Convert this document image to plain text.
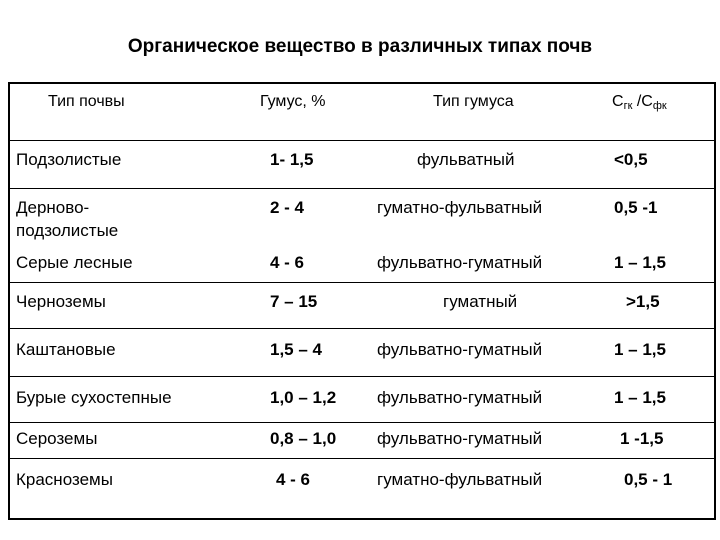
Органическое вещество в различных типах почв
Тип почвы	Гумус, %	Тип гумуса	$C_{гк}$ $/C_{фк}$
Подзолистые	1- 1,5	фульватный	<0,5
Дерново-
подзолистые
2 - 4	гуматно-фульватный	0,5 -1
Серые лесные	4 - 6	фульватно-гуматный	1 – 1,5
Черноземы	7 – 15	гуматный	>1,5
Каштановые	1,5 – 4	фульватно-гуматный	1 – 1,5
Бурые сухостепные	1,0 – 1,2 фульватно-гуматный	1 – 1,5
Сероземы	0,8 – 1,0 фульватно-гуматный	1 -1,5
Красноземы	4 - 6	гуматно-фульватный	0,5 - 1
